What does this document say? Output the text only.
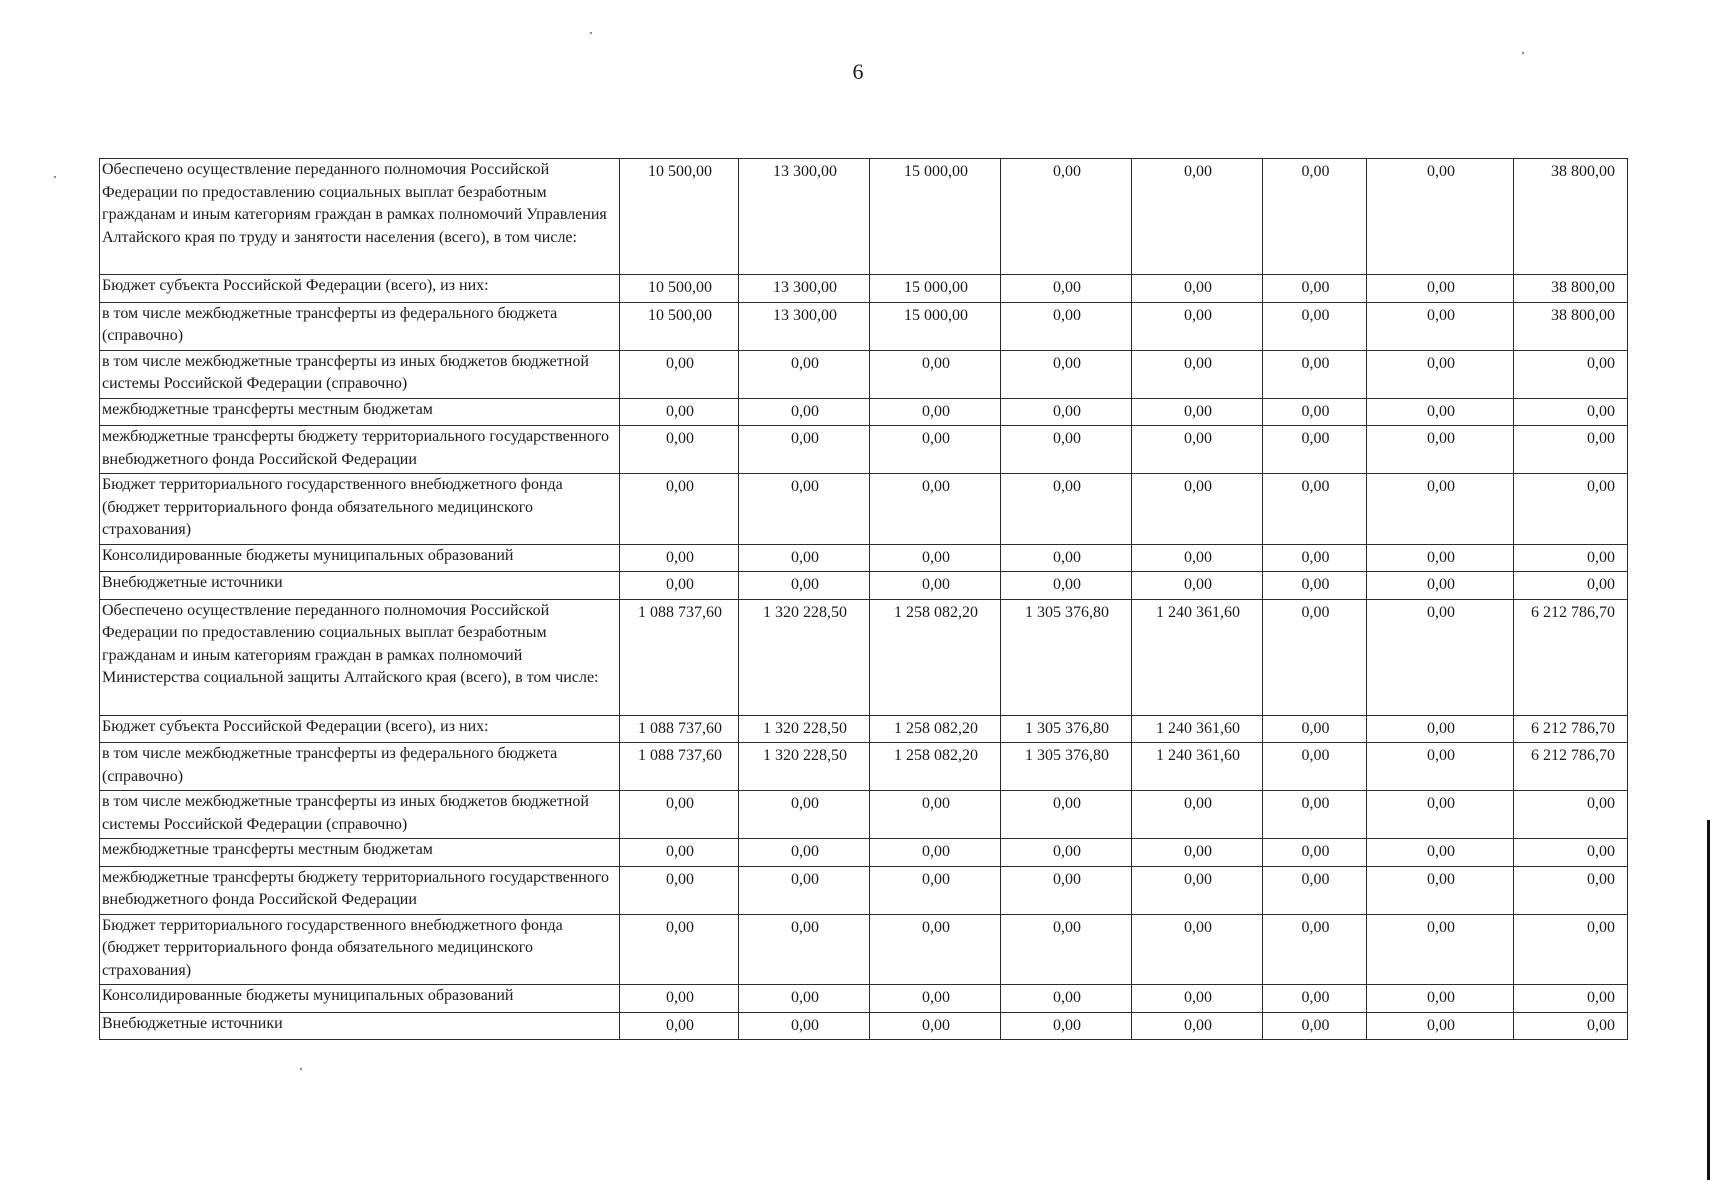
6
Обеспечено осуществление переданного полномочия Российской Федерации по предоставлению социальных выплат безработным гражданам и иным категориям граждан в рамках полномочий Управления Алтайского края по труду и занятости населения (всего), в том числе:	10 500,00	13 300,00	15 000,00	0,00	0,00	0,00	0,00	38 800,00
Бюджет субъекта Российской Федерации (всего), из них:	10 500,00	13 300,00	15 000,00	0,00	0,00	0,00	0,00	38 800,00
в том числе межбюджетные трансферты из федерального бюджета (справочно)	10 500,00	13 300,00	15 000,00	0,00	0,00	0,00	0,00	38 800,00
в том числе межбюджетные трансферты из иных бюджетов бюджетной системы Российской Федерации (справочно)	0,00	0,00	0,00	0,00	0,00	0,00	0,00	0,00
межбюджетные трансферты местным бюджетам	0,00	0,00	0,00	0,00	0,00	0,00	0,00	0,00
межбюджетные трансферты бюджету территориального государственного внебюджетного фонда Российской Федерации	0,00	0,00	0,00	0,00	0,00	0,00	0,00	0,00
Бюджет территориального государственного внебюджетного фонда (бюджет территориального фонда обязательного медицинского страхования)	0,00	0,00	0,00	0,00	0,00	0,00	0,00	0,00
Консолидированные бюджеты муниципальных образований	0,00	0,00	0,00	0,00	0,00	0,00	0,00	0,00
Внебюджетные источники	0,00	0,00	0,00	0,00	0,00	0,00	0,00	0,00
Обеспечено осуществление переданного полномочия Российской Федерации по предоставлению социальных выплат безработным гражданам и иным категориям граждан в рамках полномочий Министерства социальной защиты Алтайского края (всего), в том числе:	1 088 737,60	1 320 228,50	1 258 082,20	1 305 376,80	1 240 361,60	0,00	0,00	6 212 786,70
Бюджет субъекта Российской Федерации (всего), из них:	1 088 737,60	1 320 228,50	1 258 082,20	1 305 376,80	1 240 361,60	0,00	0,00	6 212 786,70
в том числе межбюджетные трансферты из федерального бюджета (справочно)	1 088 737,60	1 320 228,50	1 258 082,20	1 305 376,80	1 240 361,60	0,00	0,00	6 212 786,70
в том числе межбюджетные трансферты из иных бюджетов бюджетной системы Российской Федерации (справочно)	0,00	0,00	0,00	0,00	0,00	0,00	0,00	0,00
межбюджетные трансферты местным бюджетам	0,00	0,00	0,00	0,00	0,00	0,00	0,00	0,00
межбюджетные трансферты бюджету территориального государственного внебюджетного фонда Российской Федерации	0,00	0,00	0,00	0,00	0,00	0,00	0,00	0,00
Бюджет территориального государственного внебюджетного фонда (бюджет территориального фонда обязательного медицинского страхования)	0,00	0,00	0,00	0,00	0,00	0,00	0,00	0,00
Консолидированные бюджеты муниципальных образований	0,00	0,00	0,00	0,00	0,00	0,00	0,00	0,00
Внебюджетные источники	0,00	0,00	0,00	0,00	0,00	0,00	0,00	0,00
